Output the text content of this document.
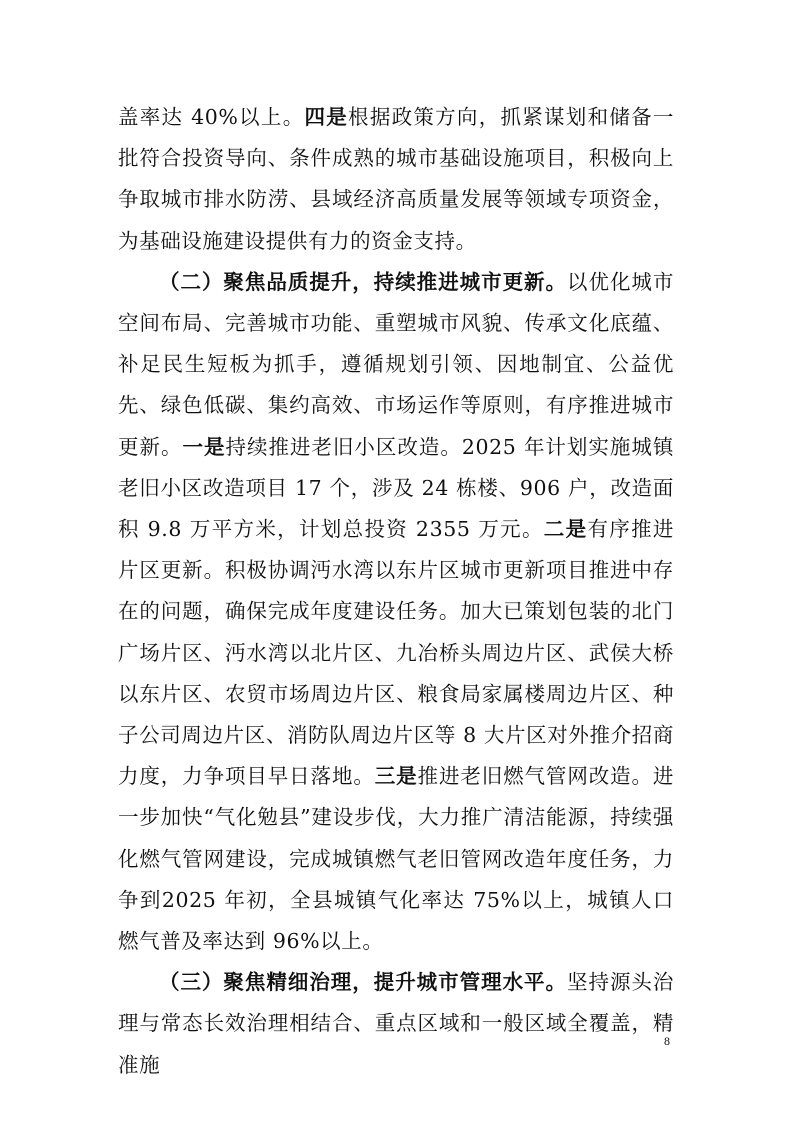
盖率达 40%以上。四是根据政策方向，抓紧谋划和储备一批符合投资导向、条件成熟的城市基础设施项目，积极向上争取城市排水防涝、县域经济高质量发展等领域专项资金，为基础设施建设提供有力的资金支持。

（二）聚焦品质提升，持续推进城市更新。以优化城市空间布局、完善城市功能、重塑城市风貌、传承文化底蕴、补足民生短板为抓手，遵循规划引领、因地制宜、公益优先、绿色低碳、集约高效、市场运作等原则，有序推进城市更新。一是持续推进老旧小区改造。2025 年计划实施城镇老旧小区改造项目 17 个，涉及 24 栋楼、906 户，改造面积 9.8 万平方米，计划总投资 2355 万元。二是有序推进片区更新。积极协调沔水湾以东片区城市更新项目推进中存在的问题，确保完成年度建设任务。加大已策划包装的北门广场片区、沔水湾以北片区、九冶桥头周边片区、武侯大桥以东片区、农贸市场周边片区、粮食局家属楼周边片区、种子公司周边片区、消防队周边片区等 8 大片区对外推介招商力度，力争项目早日落地。三是推进老旧燃气管网改造。进一步加快“气化勉县”建设步伐，大力推广清洁能源，持续强化燃气管网建设，完成城镇燃气老旧管网改造年度任务，力争到2025 年初，全县城镇气化率达 75%以上，城镇人口燃气普及率达到 96%以上。

（三）聚焦精细治理，提升城市管理水平。坚持源头治理与常态长效治理相结合、重点区域和一般区域全覆盖，精准施

8
